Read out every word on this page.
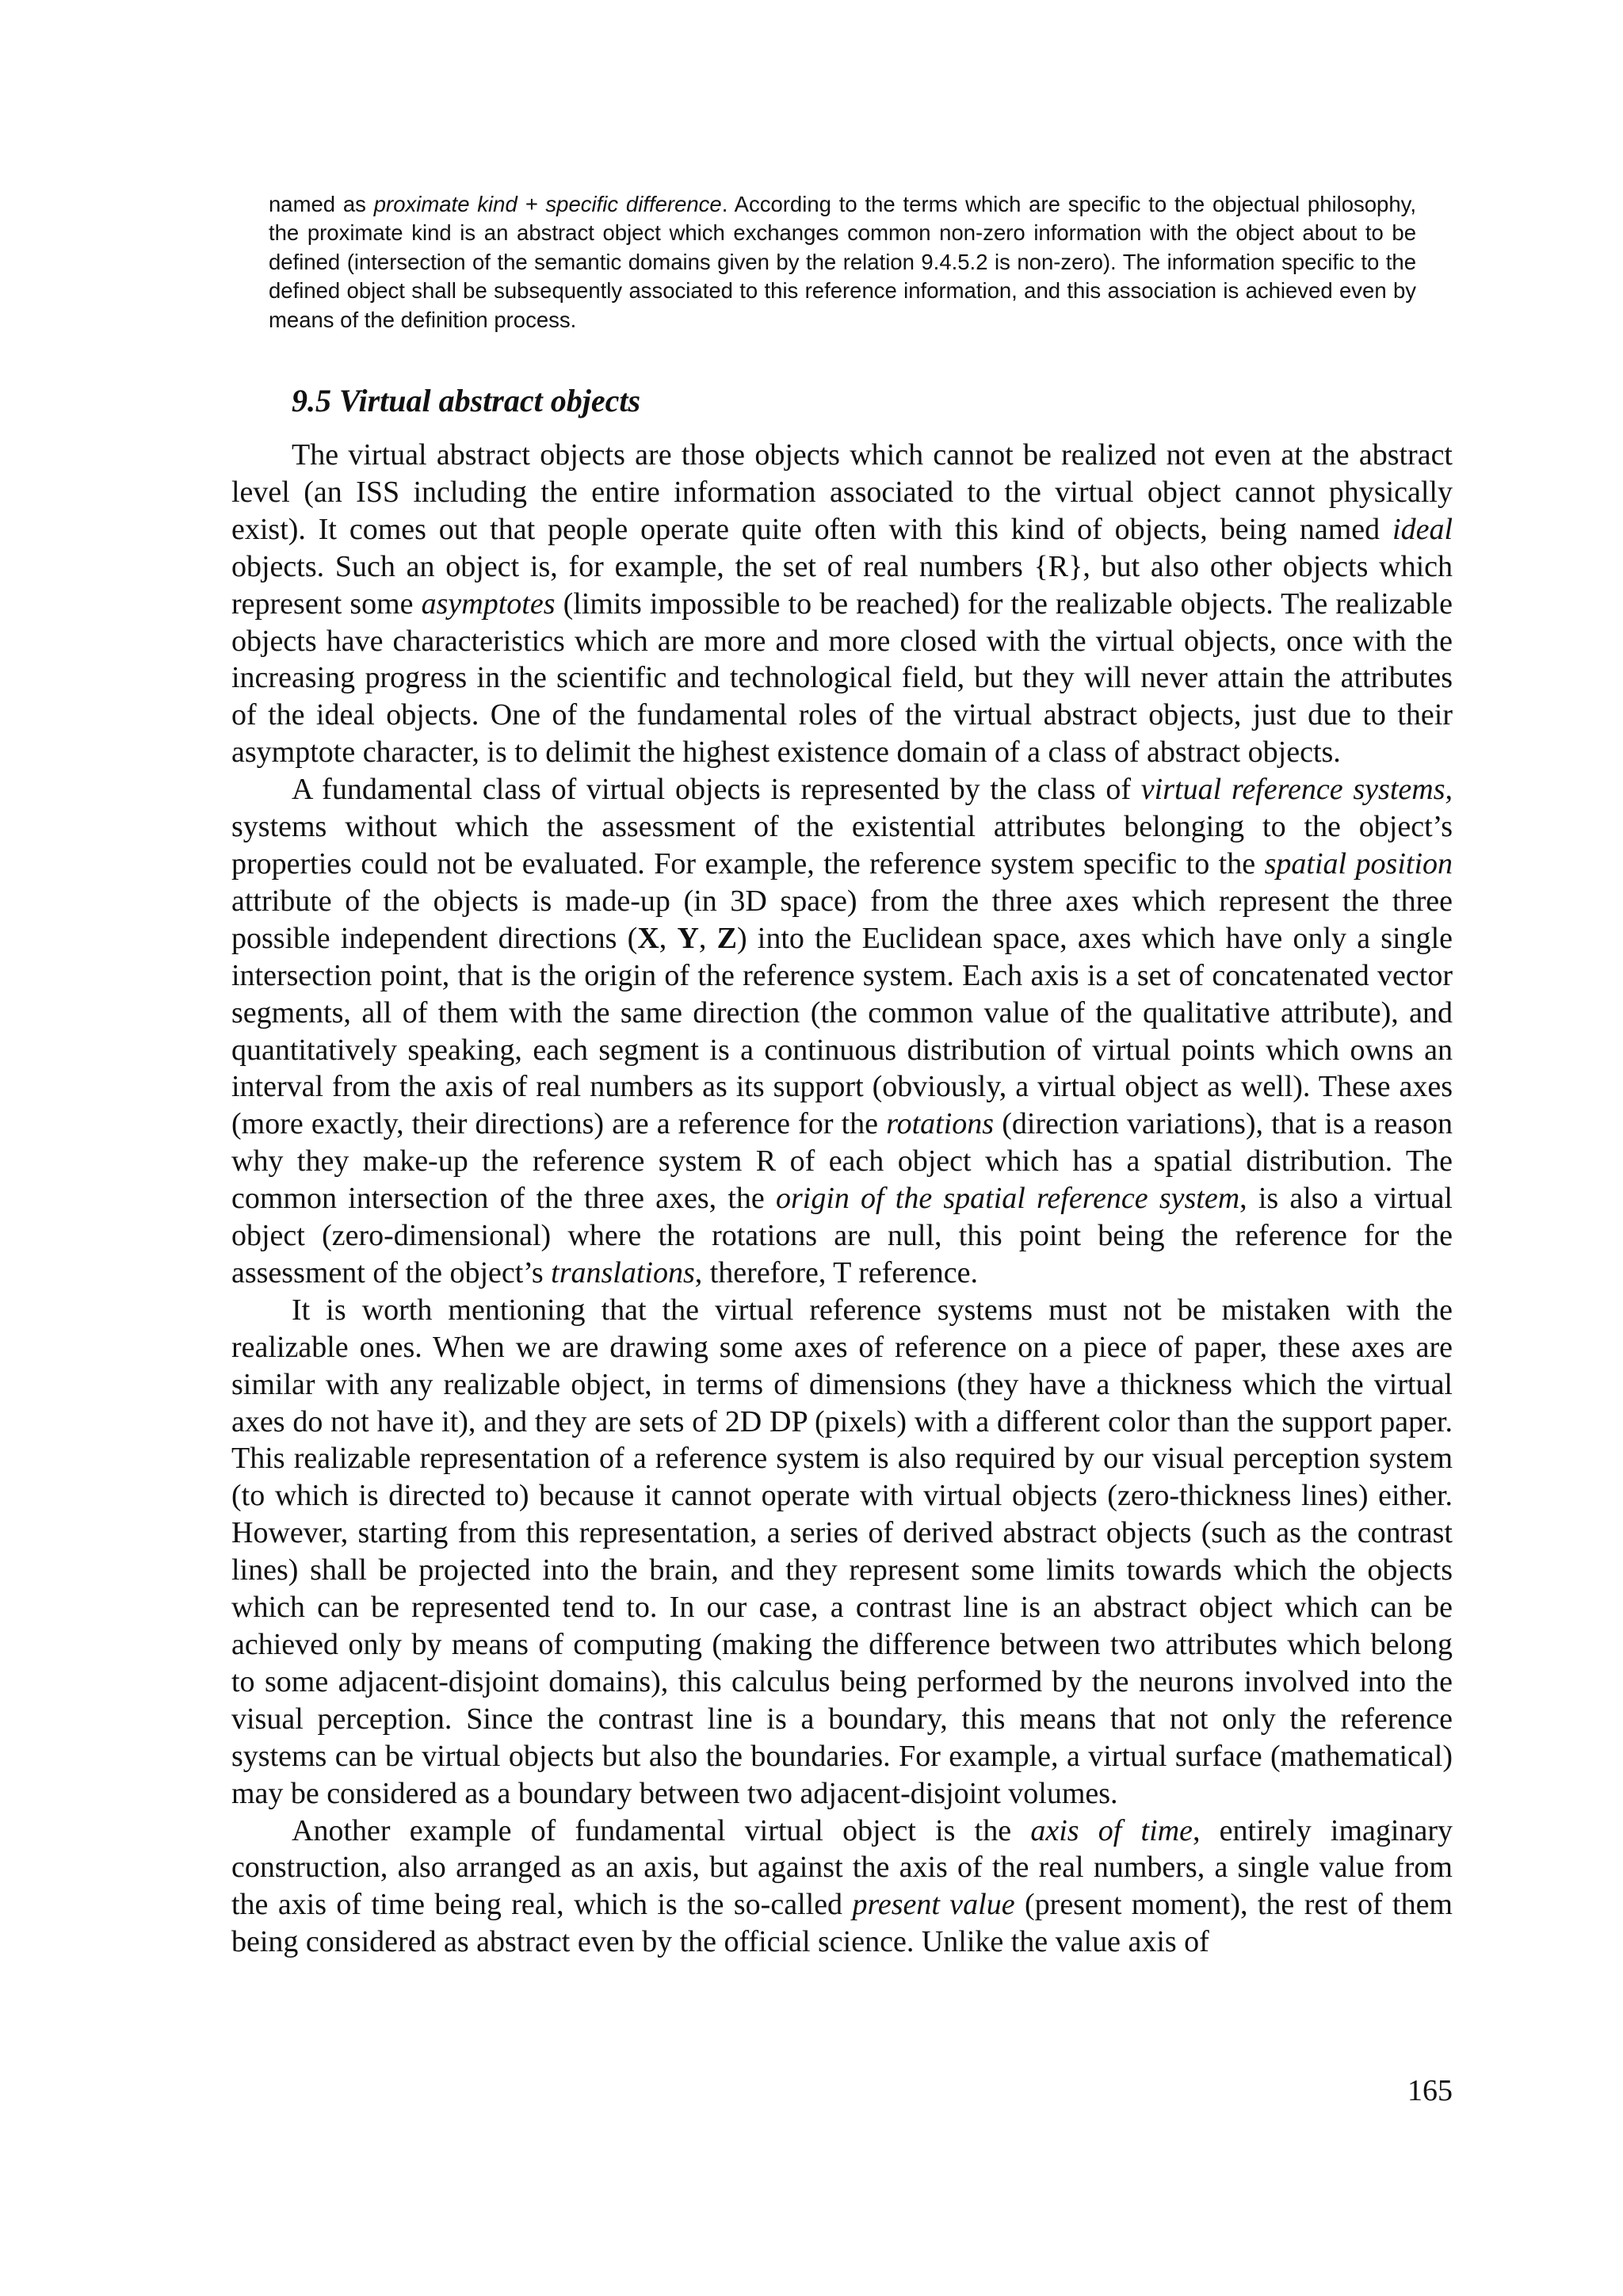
named as proximate kind + specific difference. According to the terms which are specific to the objectual philosophy, the proximate kind is an abstract object which exchanges common non-zero information with the object about to be defined (intersection of the semantic domains given by the relation 9.4.5.2 is non-zero). The information specific to the defined object shall be subsequently associated to this reference information, and this association is achieved even by means of the definition process.

9.5 Virtual abstract objects

The virtual abstract objects are those objects which cannot be realized not even at the abstract level (an ISS including the entire information associated to the virtual object cannot physically exist). It comes out that people operate quite often with this kind of objects, being named ideal objects. Such an object is, for example, the set of real numbers {R}, but also other objects which represent some asymptotes (limits impossible to be reached) for the realizable objects. The realizable objects have characteristics which are more and more closed with the virtual objects, once with the increasing progress in the scientific and technological field, but they will never attain the attributes of the ideal objects. One of the fundamental roles of the virtual abstract objects, just due to their asymptote character, is to delimit the highest existence domain of a class of abstract objects.

A fundamental class of virtual objects is represented by the class of virtual reference systems, systems without which the assessment of the existential attributes belonging to the object’s properties could not be evaluated. For example, the reference system specific to the spatial position attribute of the objects is made-up (in 3D space) from the three axes which represent the three possible independent directions (X, Y, Z) into the Euclidean space, axes which have only a single intersection point, that is the origin of the reference system. Each axis is a set of concatenated vector segments, all of them with the same direction (the common value of the qualitative attribute), and quantitatively speaking, each segment is a continuous distribution of virtual points which owns an interval from the axis of real numbers as its support (obviously, a virtual object as well). These axes (more exactly, their directions) are a reference for the rotations (direction variations), that is a reason why they make-up the reference system R of each object which has a spatial distribution. The common intersection of the three axes, the origin of the spatial reference system, is also a virtual object (zero-dimensional) where the rotations are null, this point being the reference for the assessment of the object’s translations, therefore, T reference.

It is worth mentioning that the virtual reference systems must not be mistaken with the realizable ones. When we are drawing some axes of reference on a piece of paper, these axes are similar with any realizable object, in terms of dimensions (they have a thickness which the virtual axes do not have it), and they are sets of 2D DP (pixels) with a different color than the support paper. This realizable representation of a reference system is also required by our visual perception system (to which is directed to) because it cannot operate with virtual objects (zero-thickness lines) either. However, starting from this representation, a series of derived abstract objects (such as the contrast lines) shall be projected into the brain, and they represent some limits towards which the objects which can be represented tend to. In our case, a contrast line is an abstract object which can be achieved only by means of computing (making the difference between two attributes which belong to some adjacent-disjoint domains), this calculus being performed by the neurons involved into the visual perception. Since the contrast line is a boundary, this means that not only the reference systems can be virtual objects but also the boundaries. For example, a virtual surface (mathematical) may be considered as a boundary between two adjacent-disjoint volumes.

Another example of fundamental virtual object is the axis of time, entirely imaginary construction, also arranged as an axis, but against the axis of the real numbers, a single value from the axis of time being real, which is the so-called present value (present moment), the rest of them being considered as abstract even by the official science. Unlike the value axis of

165
